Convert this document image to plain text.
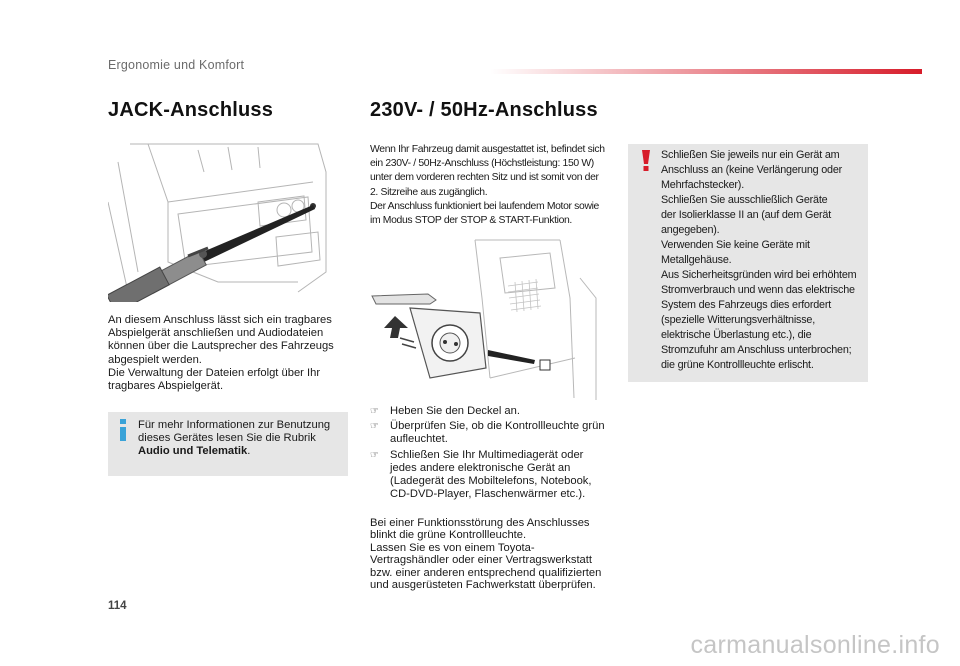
Ergonomie und Komfort
JACK-Anschluss	230V- / 50Hz-Anschluss
An diesem Anschluss lässt sich ein tragbares
Abspielgerät anschließen und Audiodateien
können über die Lautsprecher des Fahrzeugs
abgespielt werden.
Die Verwaltung der Dateien erfolgt über Ihr
tragbares Abspielgerät.
Für mehr Informationen zur Benutzung
dieses Gerätes lesen Sie die Rubrik
Audio und Telematik.
Wenn Ihr Fahrzeug damit ausgestattet ist, befindet sich
ein 230V- / 50Hz-Anschluss (Höchstleistung: 150 W)
unter dem vorderen rechten Sitz und ist somit von der
2. Sitzreihe aus zugänglich.
Der Anschluss funktioniert bei laufendem Motor sowie
im Modus STOP der STOP & START-Funktion.
☞ Heben Sie den Deckel an.
☞ Überprüfen Sie, ob die Kontrollleuchte grün
aufleuchtet.
☞ Schließen Sie Ihr Multimediagerät oder
jedes andere elektronische Gerät an
(Ladegerät des Mobiltelefons, Notebook,
CD-DVD-Player, Flaschenwärmer etc.).
Bei einer Funktionsstörung des Anschlusses
blinkt die grüne Kontrollleuchte.
Lassen Sie es von einem Toyota-
Vertragshändler oder einer Vertragswerkstatt
bzw. einer anderen entsprechend qualifizierten
und ausgerüsteten Fachwerkstatt überprüfen.
Schließen Sie jeweils nur ein Gerät am
Anschluss an (keine Verlängerung oder
Mehrfachstecker).
Schließen Sie ausschließlich Geräte
der Isolierklasse II an (auf dem Gerät
angegeben).
Verwenden Sie keine Geräte mit
Metallgehäuse.
Aus Sicherheitsgründen wird bei erhöhtem
Stromverbrauch und wenn das elektrische
System des Fahrzeugs dies erfordert
(spezielle Witterungsverhältnisse,
elektrische Überlastung etc.), die
Stromzufuhr am Anschluss unterbrochen;
die grüne Kontrollleuchte erlischt.
114
carmanualsonline.info
